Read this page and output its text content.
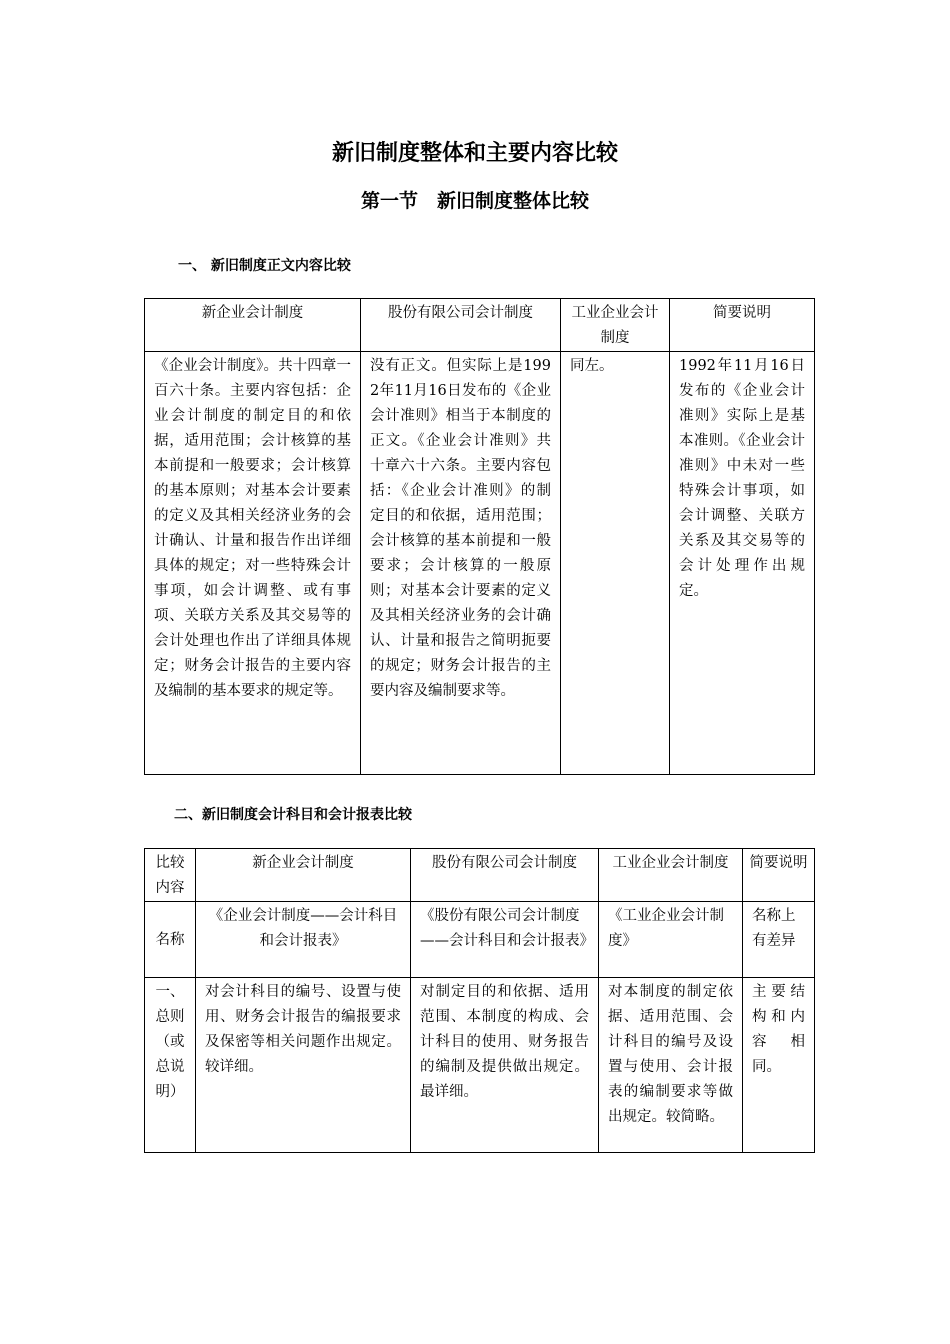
新旧制度整体和主要内容比较
第一节　新旧制度整体比较
一、 新旧制度正文内容比较
新企业会计制度	股份有限公司会计制度	工业企业会计制度	简要说明
《企业会计制度》。共十四章一百六十条。主要内容包括：企业会计制度的制定目的和依据，适用范围；会计核算的基本前提和一般要求；会计核算的基本原则；对基本会计要素的定义及其相关经济业务的会计确认、计量和报告作出详细具体的规定；对一些特殊会计事项，如会计调整、或有事项、关联方关系及其交易等的会计处理也作出了详细具体规定；财务会计报告的主要内容及编制的基本要求的规定等。	没有正文。但实际上是1992年11月16日发布的《企业会计准则》相当于本制度的正文。《企业会计准则》共十章六十六条。主要内容包括：《企业会计准则》的制定目的和依据，适用范围；会计核算的基本前提和一般要求；会计核算的一般原则；对基本会计要素的定义及其相关经济业务的会计确认、计量和报告之简明扼要的规定；财务会计报告的主要内容及编制要求等。	同左。	1992年11月16日发布的《企业会计准则》实际上是基本准则。《企业会计准则》中未对一些特殊会计事项，如会计调整、关联方关系及其交易等的会计处理作出规定。
二、新旧制度会计科目和会计报表比较
比较内容	新企业会计制度	股份有限公司会计制度	工业企业会计制度	简要说明
名称	《企业会计制度——会计科目和会计报表》	《股份有限公司会计制度——会计科目和会计报表》	《工业企业会计制度》	名称上有差异
一、总则（或总说明）	对会计科目的编号、设置与使用、财务会计报告的编报要求及保密等相关问题作出规定。较详细。	对制定目的和依据、适用范围、本制度的构成、会计科目的使用、财务报告的编制及提供做出规定。最详细。	对本制度的制定依据、适用范围、会计科目的编号及设置与使用、会计报表的编制要求等做出规定。较简略。	主要结构和内容相同。
